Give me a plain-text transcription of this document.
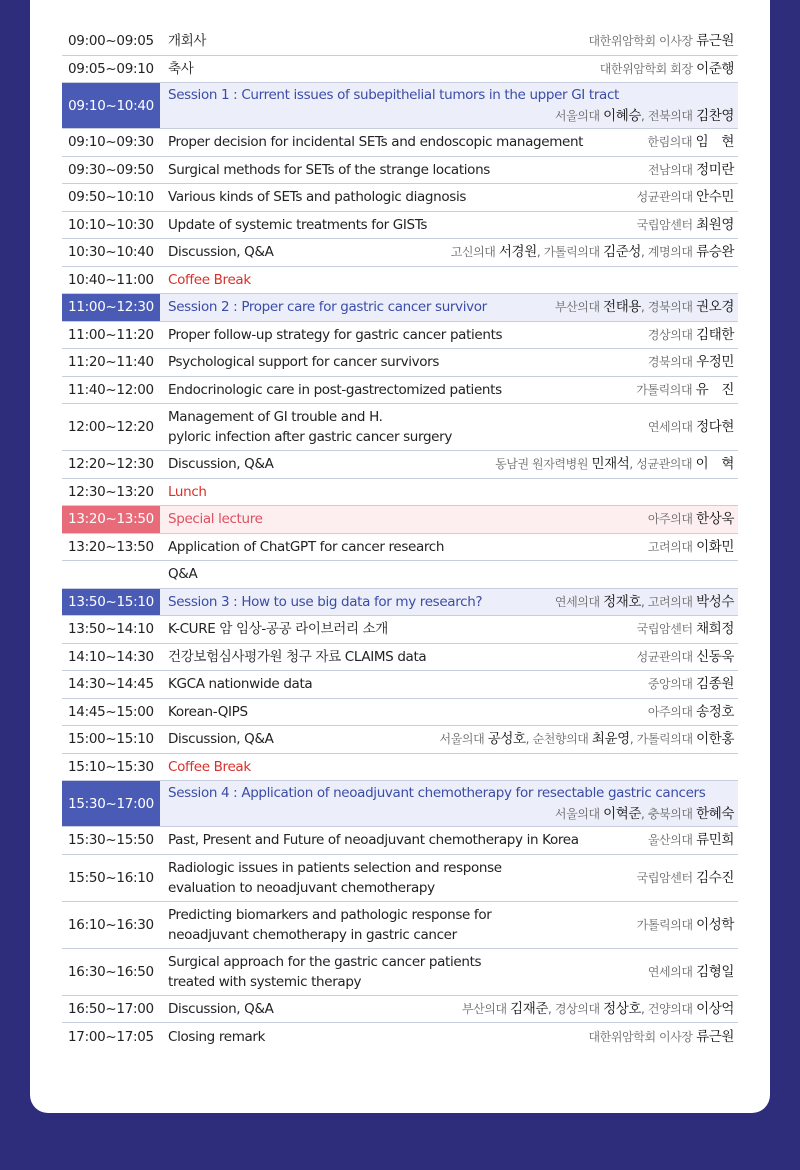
09:00~09:05	개회사	대한위암학회 이사장 류근원
09:05~09:10	축사	대한위암학회 회장 이준행
09:10~10:40
Session 1 : Current issues of subepithelial tumors in the upper GI tract
서울의대 이혜승, 전북의대 김찬영
09:10~09:30	Proper decision for incidental SETs and endoscopic management	한림의대 임　현
09:30~09:50	Surgical methods for SETs of the strange locations	전남의대 정미란
09:50~10:10	Various kinds of SETs and pathologic diagnosis	성균관의대 안수민
10:10~10:30	Update of systemic treatments for GISTs	국립암센터 최원영
10:30~10:40	Discussion, Q&A	고신의대 서경원, 가톨릭의대 김준성, 계명의대 류승완
10:40~11:00	Coffee Break
11:00~12:30	Session 2 : Proper care for gastric cancer survivor	부산의대 전태용, 경북의대 권오경
11:00~11:20	Proper follow-up strategy for gastric cancer patients	경상의대 김태한
11:20~11:40	Psychological support for cancer survivors	경북의대 우정민
11:40~12:00	Endocrinologic care in post-gastrectomized patients	가톨릭의대 유　진
12:00~12:20
Management of GI trouble and H.
pyloric infection after gastric cancer surgery
연세의대 정다현
12:20~12:30	Discussion, Q&A	동남권 원자력병원 민재석, 성균관의대 이　혁
12:30~13:20	Lunch
13:20~13:50	Special lecture	아주의대 한상욱
13:20~13:50	Application of ChatGPT for cancer research	고려의대 이화민
Q&A
13:50~15:10	Session 3 : How to use big data for my research?	연세의대 정재호, 고려의대 박성수
13:50~14:10	K-CURE 암 임상-공공 라이브러리 소개	국립암센터 채희정
14:10~14:30	건강보험심사평가원 청구 자료 CLAIMS data	성균관의대 신동욱
14:30~14:45	KGCA nationwide data	중앙의대 김종원
14:45~15:00	Korean-QIPS	아주의대 송정호
15:00~15:10	Discussion, Q&A	서울의대 공성호, 순천향의대 최윤영, 가톨릭의대 이한홍
15:10~15:30	Coffee Break
15:30~17:00
Session 4 : Application of neoadjuvant chemotherapy for resectable gastric cancers
서울의대 이혁준, 충북의대 한혜숙
15:30~15:50	Past, Present and Future of neoadjuvant chemotherapy in Korea	울산의대 류민희
15:50~16:10
Radiologic issues in patients selection and response
evaluation to neoadjuvant chemotherapy
국립암센터 김수진
16:10~16:30
Predicting biomarkers and pathologic response for
neoadjuvant chemotherapy in gastric cancer
가톨릭의대 이성학
16:30~16:50
Surgical approach for the gastric cancer patients
treated with systemic therapy
연세의대 김형일
16:50~17:00	Discussion, Q&A	부산의대 김재준, 경상의대 정상호, 건양의대 이상억
17:00~17:05	Closing remark	대한위암학회 이사장 류근원
